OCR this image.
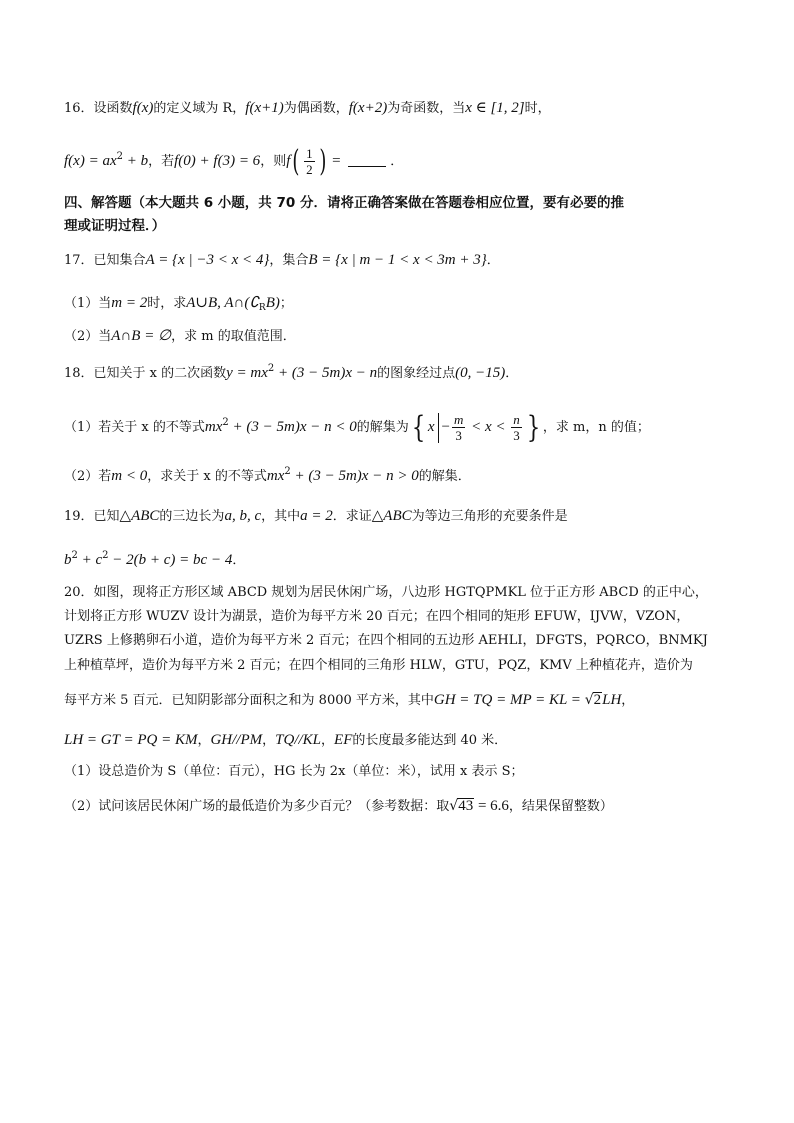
16．设函数f(x)的定义域为 R，f(x+1)为偶函数，f(x+2)为奇函数，当x ∈ [1, 2]时，
$f(x) = ax^2 + b$，若f(0) + f(3) = 6，则$f( \frac{1}{2}$ ) =	．
四、解答题（本大题共 6 小题，共 70 分．请将正确答案做在答题卷相应位置，要有必要的推
理或证明过程．）
17．已知集合A = {x | −3 < x < 4}，集合B = {x | m − 1 < x < 3m + 3}．
（1）当m = 2时，求A∪B, $A\cap(∁_RB)$；
（2）当A∩B = ∅，求 m 的取值范围．
18．已知关于 x 的二次函数$y = mx^2 + (3 - 5m)x - n$的图象经过点(0, −15)．
（1）若关于 x 的不等式$mx^2 + (3 - 5m)x - n < 0$的解集为{ $x - \frac{m}{3} < x < \frac{n}{3}$ } ，求 m，n 的值；
（2）若m < 0，求关于 x 的不等式$mx^2 + (3 - 5m)x - n > 0$的解集．
19．已知△ABC的三边长为a, b, c，其中a = 2．求证△ABC为等边三角形的充要条件是
$b^2 + c^2 - 2(b + c)$ = bc − 4．
20．如图，现将正方形区域 ABCD 规划为居民休闲广场，八边形 HGTQPMKL 位于正方形 ABCD 的正中心，
计划将正方形 WUZV 设计为湖景，造价为每平方米 20 百元；在四个相同的矩形 EFUW，IJVW，VZON，
UZRS 上修鹅卵石小道，造价为每平方米 2 百元；在四个相同的五边形 AEHLI，DFGTS，PQRCO，BNMKJ
上种植草坪，造价为每平方米 2 百元；在四个相同的三角形 HLW，GTU，PQZ，KMV 上种植花卉，造价为
每平方米 5 百元．已知阴影部分面积之和为 8000 平方米，其中GH = TQ = MP = KL = √2LH，
LH = GT = PQ = KM，GH//PM，TQ//KL，EF的长度最多能达到 40 米．
（1）设总造价为 S（单位：百元），HG 长为 2x（单位：米），试用 x 表示 S；
（2）试问该居民休闲广场的最低造价为多少百元？（参考数据：取√43 = 6.6，结果保留整数）
